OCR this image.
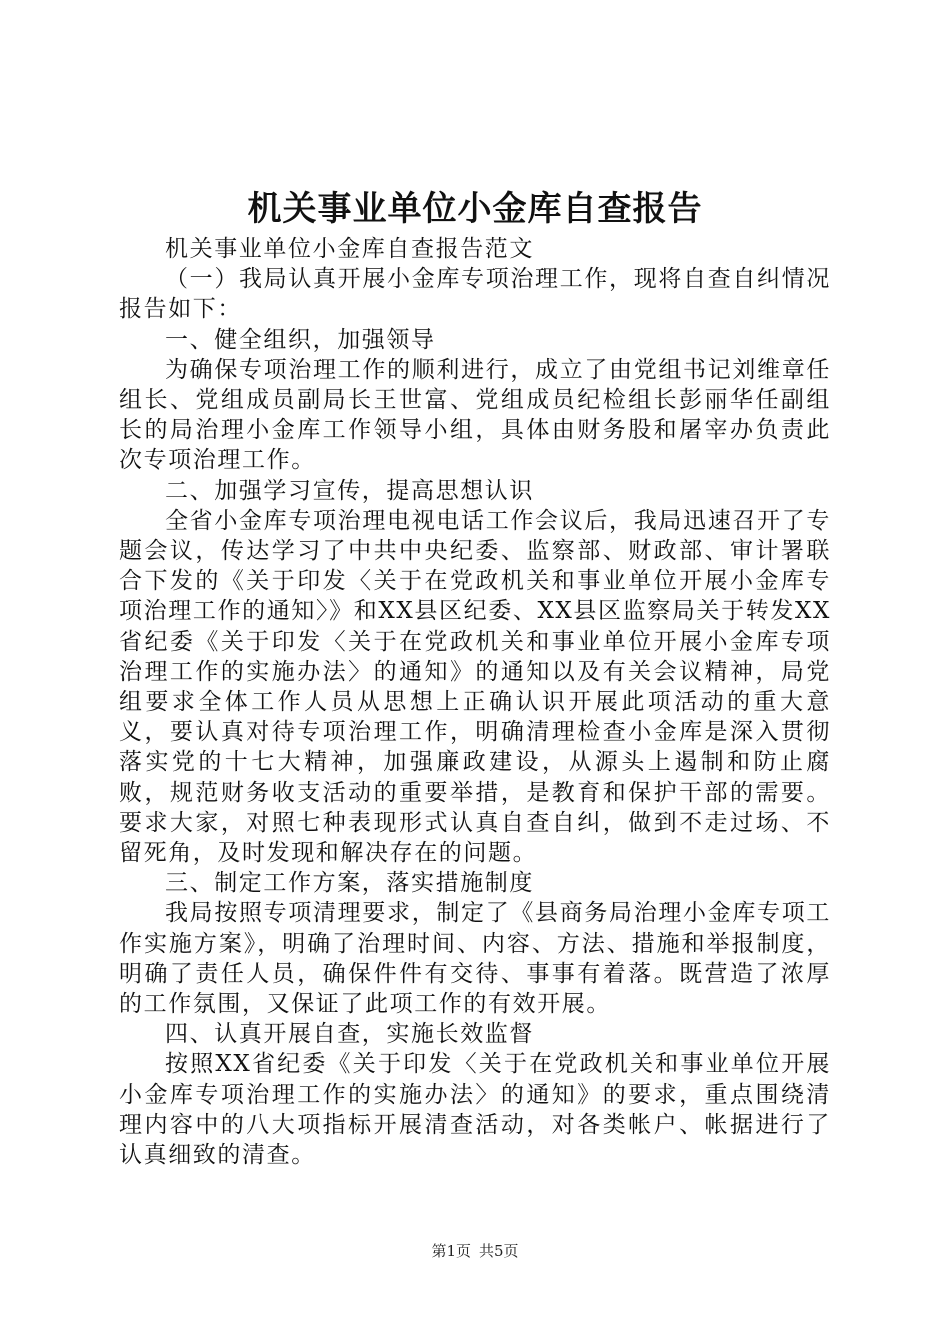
机关事业单位小金库自查报告

机关事业单位小金库自查报告范文

（一）我局认真开展小金库专项治理工作，现将自查自纠情况报告如下：

一、健全组织，加强领导

为确保专项治理工作的顺利进行，成立了由党组书记刘维章任组长、党组成员副局长王世富、党组成员纪检组长彭丽华任副组长的局治理小金库工作领导小组，具体由财务股和屠宰办负责此次专项治理工作。

二、加强学习宣传，提高思想认识

全省小金库专项治理电视电话工作会议后，我局迅速召开了专题会议，传达学习了中共中央纪委、监察部、财政部、审计署联合下发的《关于印发〈关于在党政机关和事业单位开展小金库专项治理工作的通知〉》和XX县区纪委、XX县区监察局关于转发XX省纪委《关于印发〈关于在党政机关和事业单位开展小金库专项治理工作的实施办法〉的通知》的通知以及有关会议精神，局党组要求全体工作人员从思想上正确认识开展此项活动的重大意义，要认真对待专项治理工作，明确清理检查小金库是深入贯彻落实党的十七大精神，加强廉政建设，从源头上遏制和防止腐败，规范财务收支活动的重要举措，是教育和保护干部的需要。要求大家，对照七种表现形式认真自查自纠，做到不走过场、不留死角，及时发现和解决存在的问题。

三、制定工作方案，落实措施制度

我局按照专项清理要求，制定了《县商务局治理小金库专项工作实施方案》，明确了治理时间、内容、方法、措施和举报制度，明确了责任人员，确保件件有交待、事事有着落。既营造了浓厚的工作氛围，又保证了此项工作的有效开展。

四、认真开展自查，实施长效监督

按照XX省纪委《关于印发〈关于在党政机关和事业单位开展小金库专项治理工作的实施办法〉的通知》的要求，重点围绕清理内容中的八大项指标开展清查活动，对各类帐户、帐据进行了认真细致的清查。

第1页 共5页
